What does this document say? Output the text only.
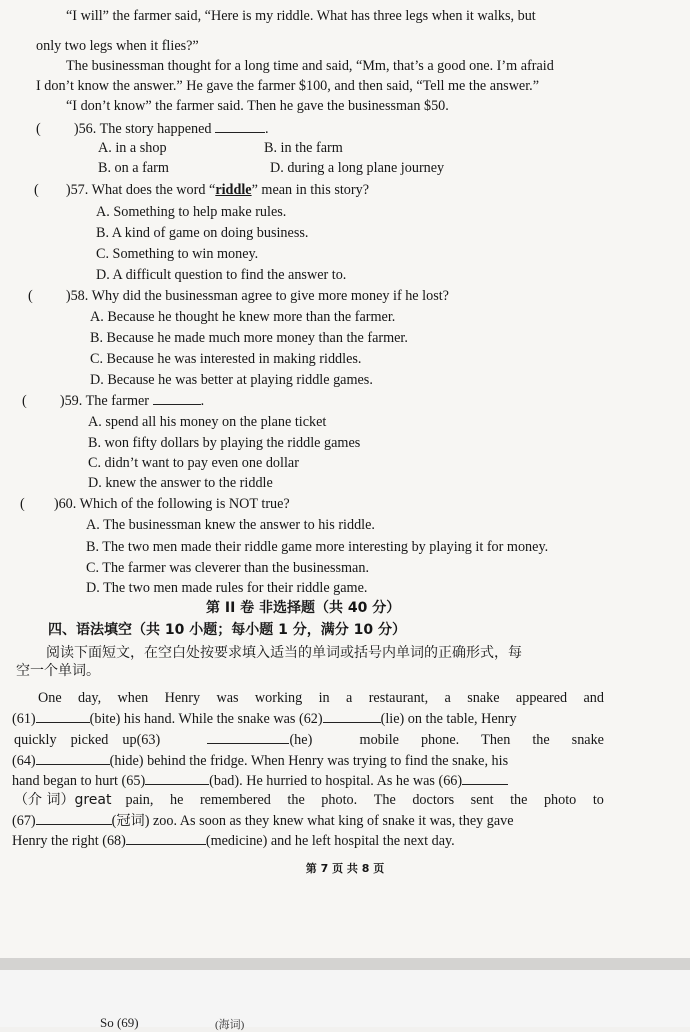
“I will” the farmer said, “Here is my riddle. What has three legs when it walks, but
only two legs when it flies?”
The businessman thought for a long time and said, “Mm, that’s a good one. I’m afraid
I don’t know the answer.” He gave the farmer $100, and then said, “Tell me the answer.”
“I don’t know” the farmer said. Then he gave the businessman $50.
( )56. The story happened	.
A. in a shop	B. in the farm
B. on a farm	D. during a long plane journey
( )57. What does the word “riddle” mean in this story?
A. Something to help make rules.
B. A kind of game on doing business.
C. Something to win money.
D. A difficult question to find the answer to.
( )58. Why did the businessman agree to give more money if he lost?
A. Because he thought he knew more than the farmer.
B. Because he made much more money than the farmer.
C. Because he was interested in making riddles.
D. Because he was better at playing riddle games.
( )59. The farmer	.
A. spend all his money on the plane ticket
B. won fifty dollars by playing the riddle games
C. didn’t want to pay even one dollar
D. knew the answer to the riddle
( )60. Which of the following is NOT true?
A. The businessman knew the answer to his riddle.
B. The two men made their riddle game more interesting by playing it for money.
C. The farmer was cleverer than the businessman.
D. The two men made rules for their riddle game.
第 II 卷 非选择题（共 40 分）
四、语法填空（共 10 小题；每小题 1 分，满分 10 分）
阅读下面短文，在空白处按要求填入适当的单词或括号内单词的正确形式，每
空一个单词。
One day, when Henry was working in a restaurant, a snake appeared and
(61)	(bite) his hand. While the snake was (62)	(lie) on the table, Henry
quickly picked up(63)	(he)	mobile phone. Then the snake
(64)	(hide) behind the fridge. When Henry was trying to find the snake, his
hand began to hurt (65)	(bad). He hurried to hospital. As he was (66)
（介 词）great pain, he remembered the photo. The doctors sent the photo to
(67)	(冠词) zoo. As soon as they knew what king of snake it was, they gave
Henry the right (68)	(medicine) and he left hospital the next day.
第 7 页 共 8 页
So (69)	(海词)
